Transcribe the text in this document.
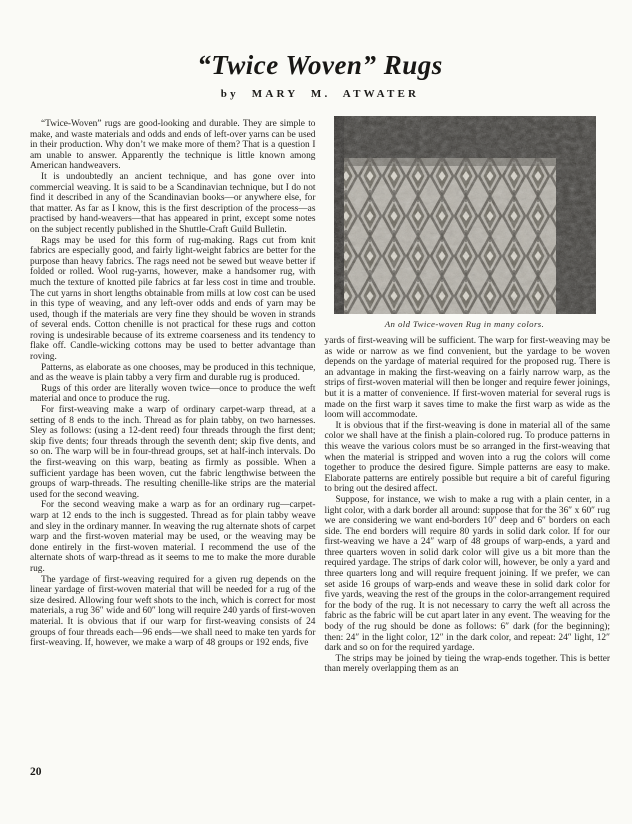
“Twice Woven” Rugs
by MARY M. ATWATER

“Twice-Woven” rugs are good-looking and durable. They are simple to make, and waste materials and odds and ends of left-over yarns can be used in their production. Why don’t we make more of them? That is a question I am unable to answer. Apparently the technique is little known among American handweavers.

It is undoubtedly an ancient technique, and has gone over into commercial weaving. It is said to be a Scandinavian technique, but I do not find it described in any of the Scandinavian books—or anywhere else, for that matter. As far as I know, this is the first description of the process—as practised by hand-weavers—that has appeared in print, except some notes on the subject recently published in the Shuttle-Craft Guild Bulletin.

Rags may be used for this form of rug-making. Rags cut from knit fabrics are especially good, and fairly light-weight fabrics are better for the purpose than heavy fabrics. The rags need not be sewed but weave better if folded or rolled. Wool rug-yarns, however, make a handsomer rug, with much the texture of knotted pile fabrics at far less cost in time and trouble. The cut yarns in short lengths obtainable from mills at low cost can be used in this type of weaving, and any left-over odds and ends of yarn may be used, though if the materials are very fine they should be woven in strands of several ends. Cotton chenille is not practical for these rugs and cotton roving is undesirable because of its extreme coarseness and its tendency to flake off. Candle-wicking cottons may be used to better advantage than roving.

Patterns, as elaborate as one chooses, may be produced in this technique, and as the weave is plain tabby a very firm and durable rug is produced.

Rugs of this order are literally woven twice—once to produce the weft material and once to produce the rug.

For first-weaving make a warp of ordinary carpet-warp thread, at a setting of 8 ends to the inch. Thread as for plain tabby, on two harnesses. Sley as follows: (using a 12-dent reed) four threads through the first dent; skip five dents; four threads through the seventh dent; skip five dents, and so on. The warp will be in four-thread groups, set at half-inch intervals. Do the first-weaving on this warp, beating as firmly as possible. When a sufficient yardage has been woven, cut the fabric lengthwise between the groups of warp-threads. The resulting chenille-like strips are the material used for the second weaving.

For the second weaving make a warp as for an ordinary rug—carpet-warp at 12 ends to the inch is suggested. Thread as for plain tabby weave and sley in the ordinary manner. In weaving the rug alternate shots of carpet warp and the first-woven material may be used, or the weaving may be done entirely in the first-woven material. I recommend the use of the alternate shots of warp-thread as it seems to me to make the more durable rug.

The yardage of first-weaving required for a given rug depends on the linear yardage of first-woven material that will be needed for a rug of the size desired. Allowing four weft shots to the inch, which is correct for most materials, a rug 36″ wide and 60″ long will require 240 yards of first-woven material. It is obvious that if our warp for first-weaving consists of 24 groups of four threads each—96 ends—we shall need to make ten yards for first-weaving. If, however, we make a warp of 48 groups or 192 ends, five

An old Twice-woven Rug in many colors.

yards of first-weaving will be sufficient. The warp for first-weaving may be as wide or narrow as we find convenient, but the yardage to be woven depends on the yardage of material required for the proposed rug. There is an advantage in making the first-weaving on a fairly narrow warp, as the strips of first-woven material will then be longer and require fewer joinings, but it is a matter of convenience. If first-woven material for several rugs is made on the first warp it saves time to make the first warp as wide as the loom will accommodate.

It is obvious that if the first-weaving is done in material all of the same color we shall have at the finish a plain-colored rug. To produce patterns in this weave the various colors must be so arranged in the first-weaving that when the material is stripped and woven into a rug the colors will come together to produce the desired figure. Simple patterns are easy to make. Elaborate patterns are entirely possible but require a bit of careful figuring to bring out the desired affect.

Suppose, for instance, we wish to make a rug with a plain center, in a light color, with a dark border all around: suppose that for the 36″ x 60″ rug we are considering we want end-borders 10″ deep and 6″ borders on each side. The end borders will require 80 yards in solid dark color. If for our first-weaving we have a 24″ warp of 48 groups of warp-ends, a yard and three quarters woven in solid dark color will give us a bit more than the required yardage. The strips of dark color will, however, be only a yard and three quarters long and will require frequent joining. If we prefer, we can set aside 16 groups of warp-ends and weave these in solid dark color for five yards, weaving the rest of the groups in the color-arrangement required for the body of the rug. It is not necessary to carry the weft all across the fabric as the fabric will be cut apart later in any event. The weaving for the body of the rug should be done as follows: 6″ dark (for the beginning); then: 24″ in the light color, 12″ in the dark color, and repeat: 24″ light, 12″ dark and so on for the required yardage.

The strips may be joined by tieing the wrap-ends together. This is better than merely overlapping them as an

20
